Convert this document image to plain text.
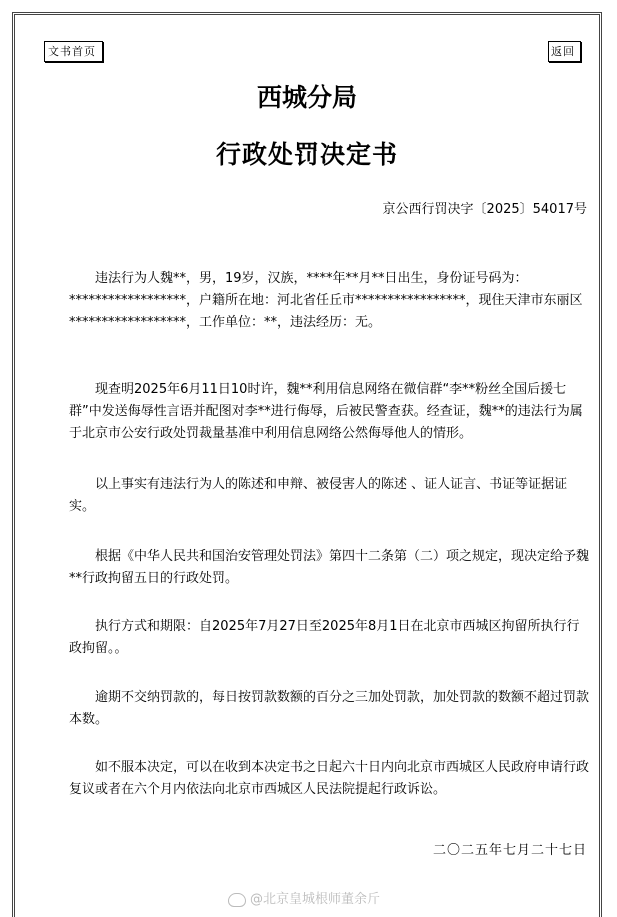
文书首页	返回
西城分局
行政处罚决定书
京公西行罚决字〔2025〕54017号

违法行为人魏**，男，19岁，汉族，****年**月**日出生，身份证号码为：******************，户籍所在地：河北省任丘市*****************，现住天津市东丽区******************，工作单位：**，违法经历：无。

现查明2025年6月11日10时许，魏**利用信息网络在微信群“李**粉丝全国后援七群”中发送侮辱性言语并配图对李**进行侮辱，后被民警查获。经查证，魏**的违法行为属于北京市公安行政处罚裁量基准中利用信息网络公然侮辱他人的情形。

以上事实有违法行为人的陈述和申辩、被侵害人的陈述 、证人证言、书证等证据证实。

根据《中华人民共和国治安管理处罚法》第四十二条第（二）项之规定，现决定给予魏**行政拘留五日的行政处罚。

执行方式和期限：自2025年7月27日至2025年8月1日在北京市西城区拘留所执行行政拘留。。

逾期不交纳罚款的，每日按罚款数额的百分之三加处罚款，加处罚款的数额不超过罚款本数。

如不服本决定，可以在收到本决定书之日起六十日内向北京市西城区人民政府申请行政复议或者在六个月内依法向北京市西城区人民法院提起行政诉讼。

二〇二五年七月二十七日
@北京皇城根师董余斤
